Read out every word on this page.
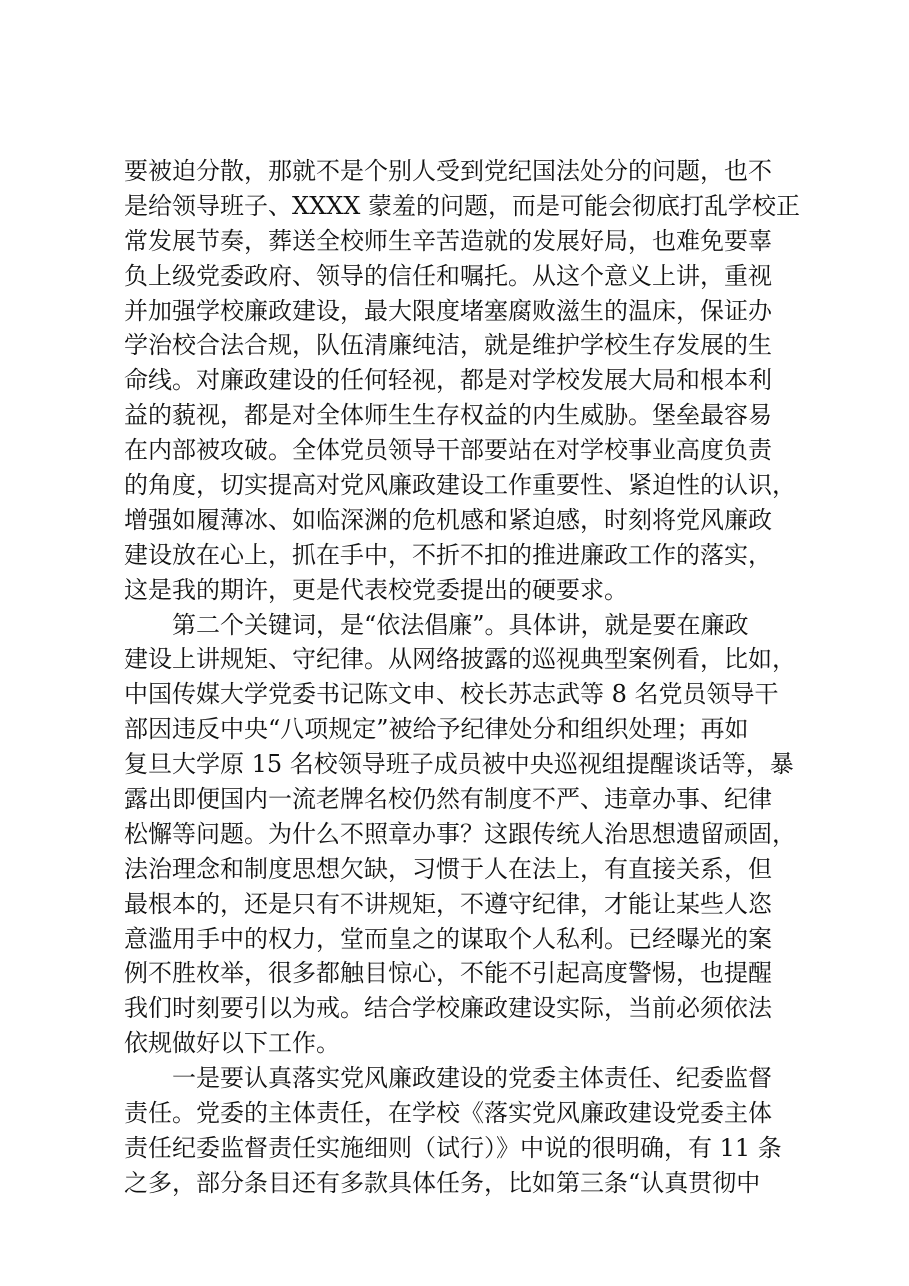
要被迫分散，那就不是个别人受到党纪国法处分的问题，也不
是给领导班子、XXXX 蒙羞的问题，而是可能会彻底打乱学校正
常发展节奏，葬送全校师生辛苦造就的发展好局，也难免要辜
负上级党委政府、领导的信任和嘱托。从这个意义上讲，重视
并加强学校廉政建设，最大限度堵塞腐败滋生的温床，保证办
学治校合法合规，队伍清廉纯洁，就是维护学校生存发展的生
命线。对廉政建设的任何轻视，都是对学校发展大局和根本利
益的藐视，都是对全体师生生存权益的内生威胁。堡垒最容易
在内部被攻破。全体党员领导干部要站在对学校事业高度负责
的角度，切实提高对党风廉政建设工作重要性、紧迫性的认识，
增强如履薄冰、如临深渊的危机感和紧迫感，时刻将党风廉政
建设放在心上，抓在手中，不折不扣的推进廉政工作的落实，
这是我的期许，更是代表校党委提出的硬要求。
第二个关键词，是“依法倡廉”。具体讲，就是要在廉政
建设上讲规矩、守纪律。从网络披露的巡视典型案例看，比如，
中国传媒大学党委书记陈文申、校长苏志武等 8 名党员领导干
部因违反中央“八项规定”被给予纪律处分和组织处理；再如
复旦大学原 15 名校领导班子成员被中央巡视组提醒谈话等，暴
露出即便国内一流老牌名校仍然有制度不严、违章办事、纪律
松懈等问题。为什么不照章办事？这跟传统人治思想遗留顽固，
法治理念和制度思想欠缺，习惯于人在法上，有直接关系，但
最根本的，还是只有不讲规矩，不遵守纪律，才能让某些人恣
意滥用手中的权力，堂而皇之的谋取个人私利。已经曝光的案
例不胜枚举，很多都触目惊心，不能不引起高度警惕，也提醒
我们时刻要引以为戒。结合学校廉政建设实际，当前必须依法
依规做好以下工作。
一是要认真落实党风廉政建设的党委主体责任、纪委监督
责任。党委的主体责任，在学校《落实党风廉政建设党委主体
责任纪委监督责任实施细则（试行）》中说的很明确，有 11 条
之多，部分条目还有多款具体任务，比如第三条“认真贯彻中
